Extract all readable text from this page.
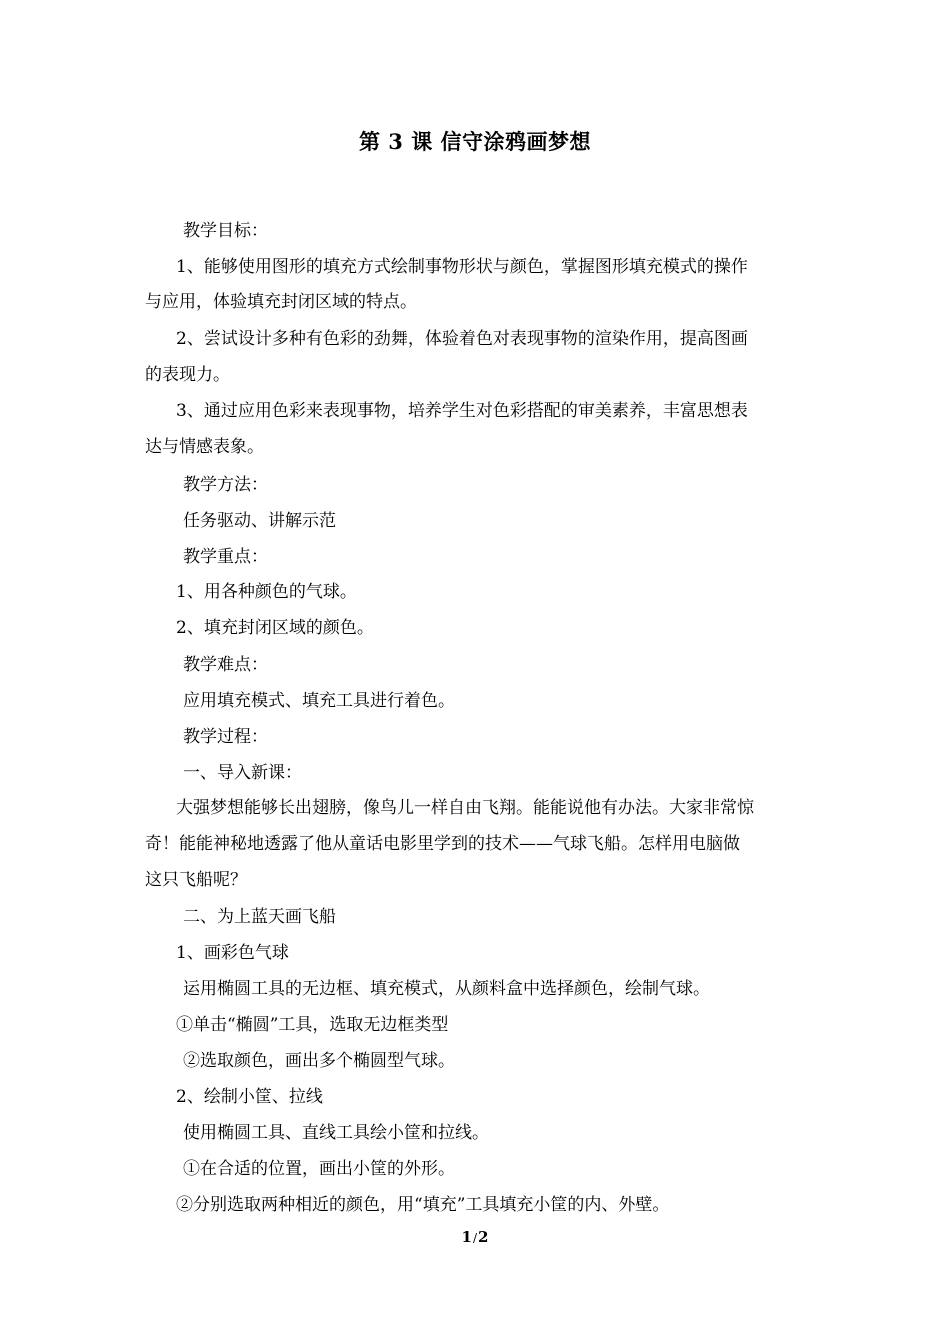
第 3 课 信守涂鸦画梦想
教学目标：
1、能够使用图形的填充方式绘制事物形状与颜色，掌握图形填充模式的操作
与应用，体验填充封闭区域的特点。
2、尝试设计多种有色彩的劲舞，体验着色对表现事物的渲染作用，提高图画
的表现力。
3、通过应用色彩来表现事物，培养学生对色彩搭配的审美素养，丰富思想表
达与情感表象。
教学方法：
任务驱动、讲解示范
教学重点：
1、用各种颜色的气球。
2、填充封闭区域的颜色。
教学难点：
应用填充模式、填充工具进行着色。
教学过程：
一、导入新课：
大强梦想能够长出翅膀，像鸟儿一样自由飞翔。能能说他有办法。大家非常惊
奇！能能神秘地透露了他从童话电影里学到的技术——气球飞船。怎样用电脑做
这只飞船呢？
二、为上蓝天画飞船
1、画彩色气球
运用椭圆工具的无边框、填充模式，从颜料盒中选择颜色，绘制气球。
①单击“椭圆”工具，选取无边框类型
②选取颜色，画出多个椭圆型气球。
2、绘制小筐、拉线
使用椭圆工具、直线工具绘小筐和拉线。
①在合适的位置，画出小筐的外形。
②分别选取两种相近的颜色，用“填充”工具填充小筐的内、外壁。
1/2
